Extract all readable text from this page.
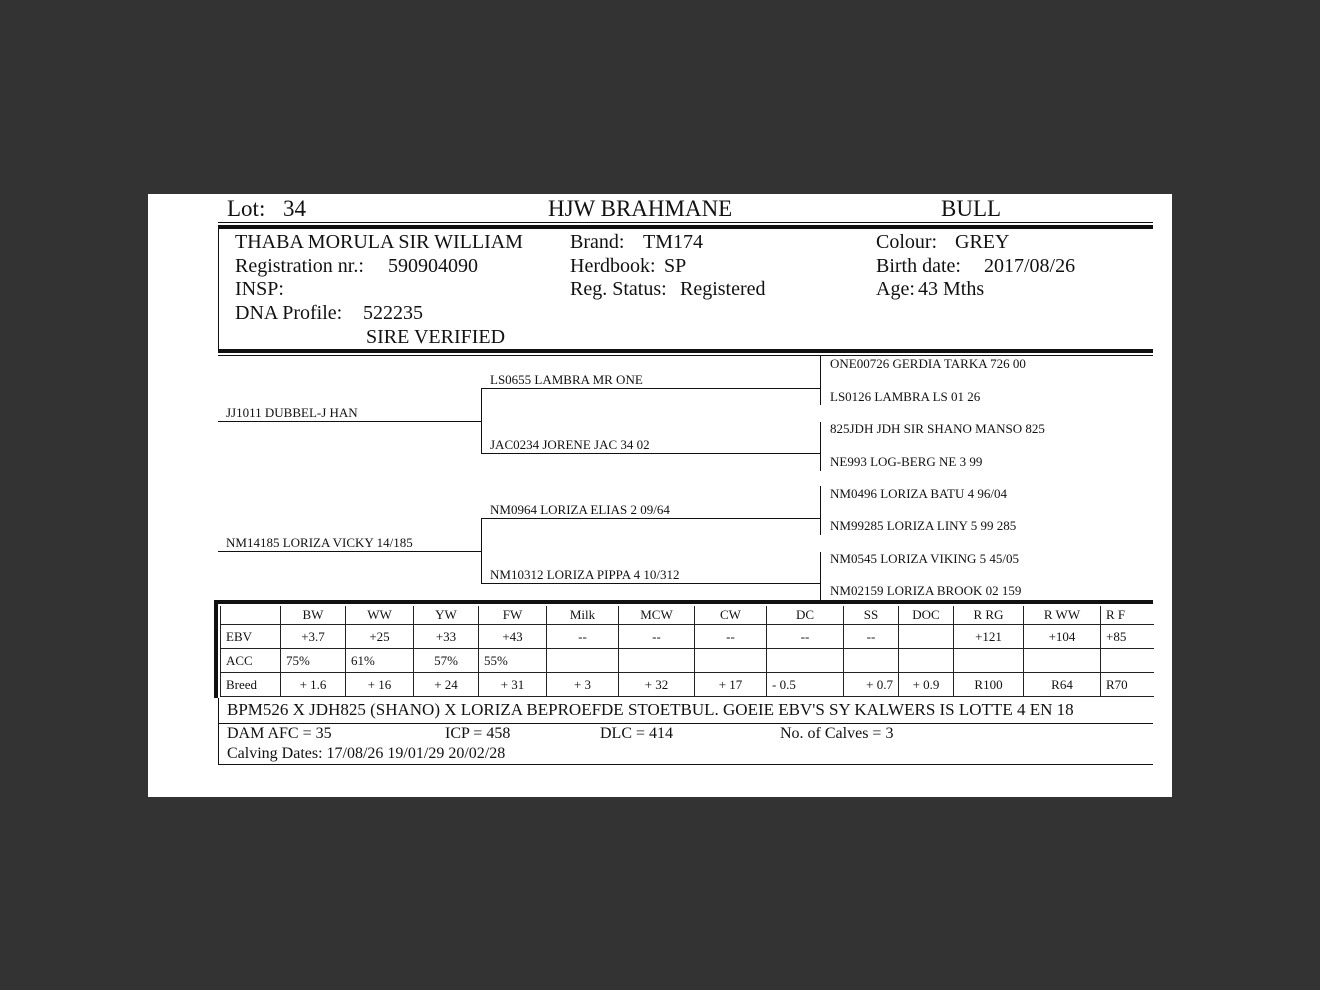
Lot: 34	HJW BRAHMANE	BULL
THABA MORULA SIR WILLIAM
Registration nr.: 590904090
INSP:
DNA Profile: 522235
SIRE VERIFIED
Brand: TM174
Herdbook: SP
Reg. Status: Registered
Colour: GREY
Birth date: 2017/08/26
Age: 43 Mths
JJ1011 DUBBEL-J HAN
NM14185 LORIZA VICKY 14/185
LS0655 LAMBRA MR ONE
JAC0234 JORENE JAC 34 02
NM0964 LORIZA ELIAS 2 09/64
NM10312 LORIZA PIPPA 4 10/312
ONE00726 GERDIA TARKA 726 00
LS0126 LAMBRA LS 01 26
825JDH JDH SIR SHANO MANSO 825
NE993 LOG-BERG NE 3 99
NM0496 LORIZA BATU 4 96/04
NM99285 LORIZA LINY 5 99 285
NM0545 LORIZA VIKING 5 45/05
NM02159 LORIZA BROOK 02 159
	BW	WW	YW	FW	Milk	MCW	CW	DC	SS	DOC	R RG	R WW	R F
EBV	+3.7	+25	+33	+43	--	--	--	--	--		+121	+104	+85
ACC	75%	61%	57%	55%									
Breed	+ 1.6	+ 16	+ 24	+ 31	+ 3	+ 32	+ 17	- 0.5	+ 0.7	+ 0.9	R100	R64	R70
BPM526 X JDH825 (SHANO) X LORIZA BEPROEFDE STOETBUL. GOEIE EBV'S SY KALWERS IS LOTTE 4 EN 18
DAM AFC = 35	ICP = 458	DLC = 414	No. of Calves = 3
Calving Dates: 17/08/26 19/01/29 20/02/28
